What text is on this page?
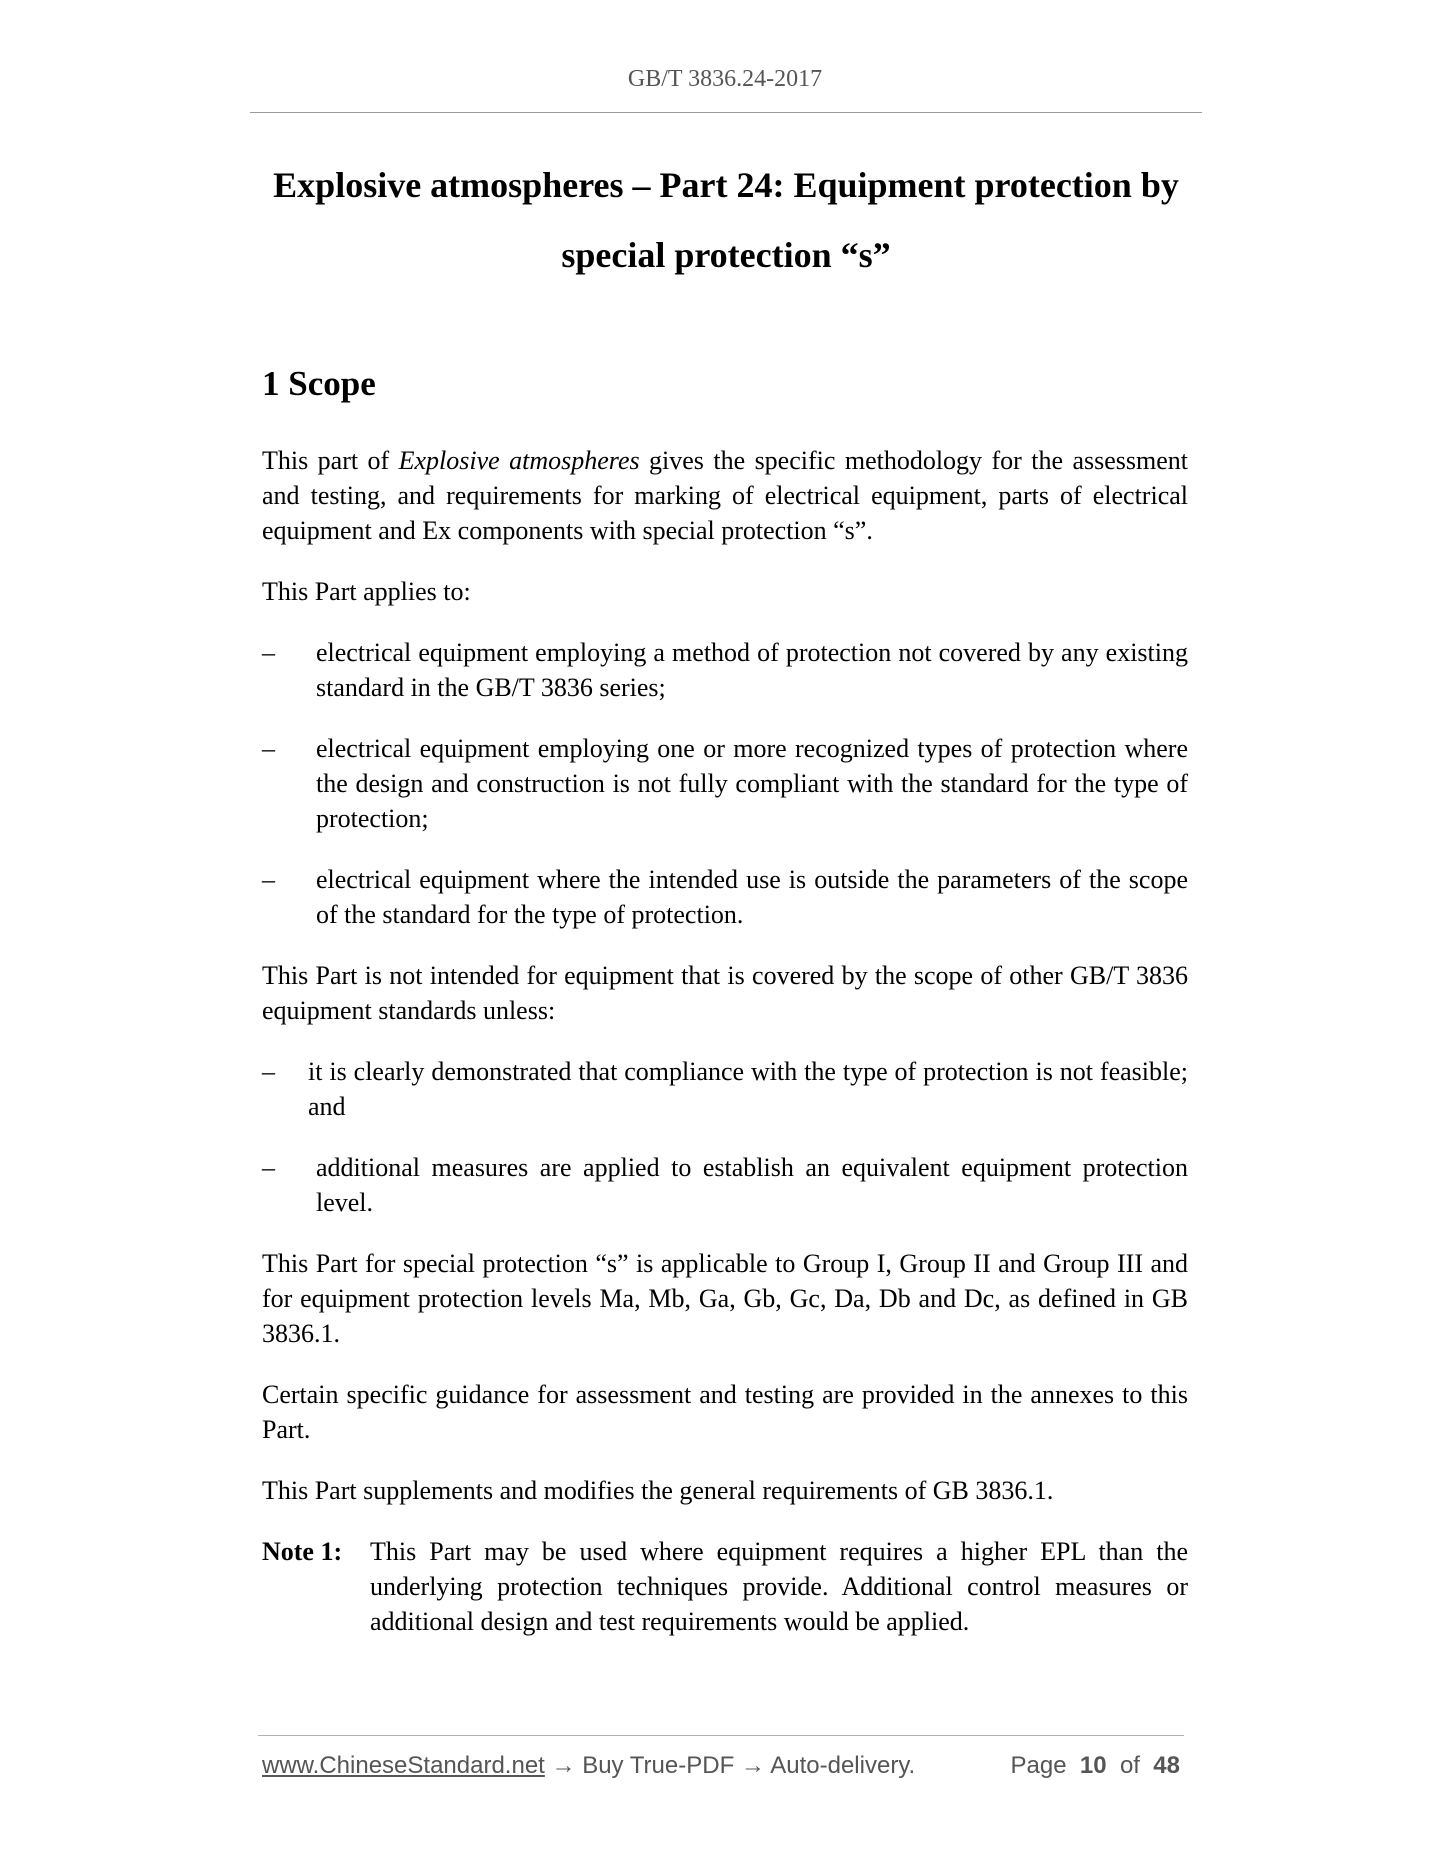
GB/T 3836.24-2017
Explosive atmospheres – Part 24: Equipment protection by
special protection “s”
1 Scope

This part of Explosive atmospheres gives the specific methodology for the assessment and testing, and requirements for marking of electrical equipment, parts of electrical equipment and Ex components with special protection “s”.

This Part applies to:

– electrical equipment employing a method of protection not covered by any existing standard in the GB/T 3836 series;
– electrical equipment employing one or more recognized types of protection where the design and construction is not fully compliant with the standard for the type of protection;
– electrical equipment where the intended use is outside the parameters of the scope of the standard for the type of protection.

This Part is not intended for equipment that is covered by the scope of other GB/T 3836 equipment standards unless:

– it is clearly demonstrated that compliance with the type of protection is not feasible; and
– additional measures are applied to establish an equivalent equipment protection level.

This Part for special protection “s” is applicable to Group I, Group II and Group III and for equipment protection levels Ma, Mb, Ga, Gb, Gc, Da, Db and Dc, as defined in GB 3836.1.

Certain specific guidance for assessment and testing are provided in the annexes to this Part.

This Part supplements and modifies the general requirements of GB 3836.1.

Note 1: This Part may be used where equipment requires a higher EPL than the underlying protection techniques provide. Additional control measures or additional design and test requirements would be applied.
www.ChineseStandard.net → Buy True-PDF → Auto-delivery.	Page 10 of 48
